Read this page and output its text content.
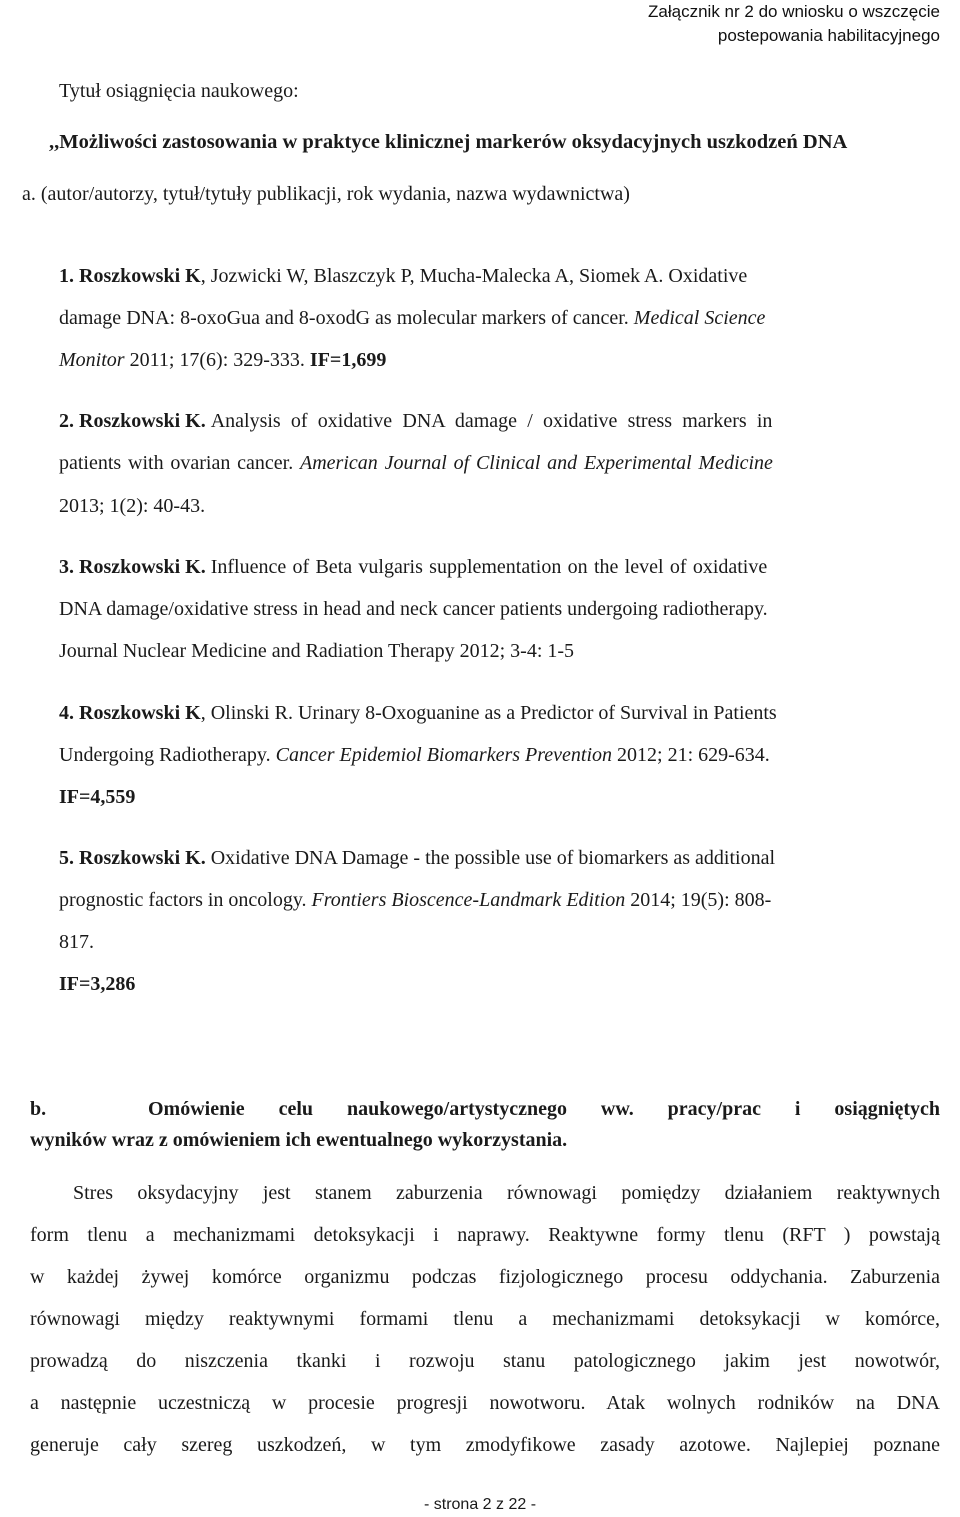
Załącznik nr 2 do wniosku o wszczęcie
postepowania habilitacyjnego
Tytuł osiągnięcia naukowego:
,,Możliwości zastosowania w praktyce klinicznej markerów oksydacyjnych uszkodzeń DNA
a. (autor/autorzy, tytuł/tytuły publikacji, rok wydania, nazwa wydawnictwa)
1. Roszkowski K, Jozwicki W, Blaszczyk P, Mucha-Malecka A, Siomek A. Oxidative
damage DNA: 8-oxoGua and 8-oxodG as molecular markers of cancer. Medical Science
Monitor 2011; 17(6): 329-333. IF=1,699
2. Roszkowski K. Analysis of oxidative DNA damage / oxidative stress markers in
patients with ovarian cancer. American Journal of Clinical and Experimental Medicine
2013; 1(2): 40-43.
3. Roszkowski K. Influence of Beta vulgaris supplementation on the level of oxidative
DNA damage/oxidative stress in head and neck cancer patients undergoing radiotherapy.
Journal Nuclear Medicine and Radiation Therapy 2012; 3-4: 1-5
4. Roszkowski K, Olinski R. Urinary 8-Oxoguanine as a Predictor of Survival in Patients
Undergoing Radiotherapy. Cancer Epidemiol Biomarkers Prevention 2012; 21: 629-634.
IF=4,559
5. Roszkowski K. Oxidative DNA Damage - the possible use of biomarkers as additional
prognostic factors in oncology. Frontiers Bioscence-Landmark Edition 2014; 19(5): 808-
817.
IF=3,286
b.   Omówienie celu naukowego/artystycznego ww. pracy/prac i osiągniętych
wyników wraz z omówieniem ich ewentualnego wykorzystania.
Stres oksydacyjny jest stanem zaburzenia równowagi pomiędzy działaniem reaktywnych
form tlenu a mechanizmami detoksykacji i naprawy. Reaktywne formy tlenu (RFT ) powstają
w każdej żywej komórce organizmu podczas fizjologicznego procesu oddychania. Zaburzenia
równowagi między reaktywnymi formami tlenu a mechanizmami detoksykacji w komórce,
prowadzą do niszczenia tkanki i rozwoju stanu patologicznego jakim jest nowotwór,
a następnie uczestniczą w procesie progresji nowotworu. Atak wolnych rodników na DNA
generuje cały szereg uszkodzeń, w tym zmodyfikowe zasady azotowe. Najlepiej poznane
- strona 2 z 22 -
